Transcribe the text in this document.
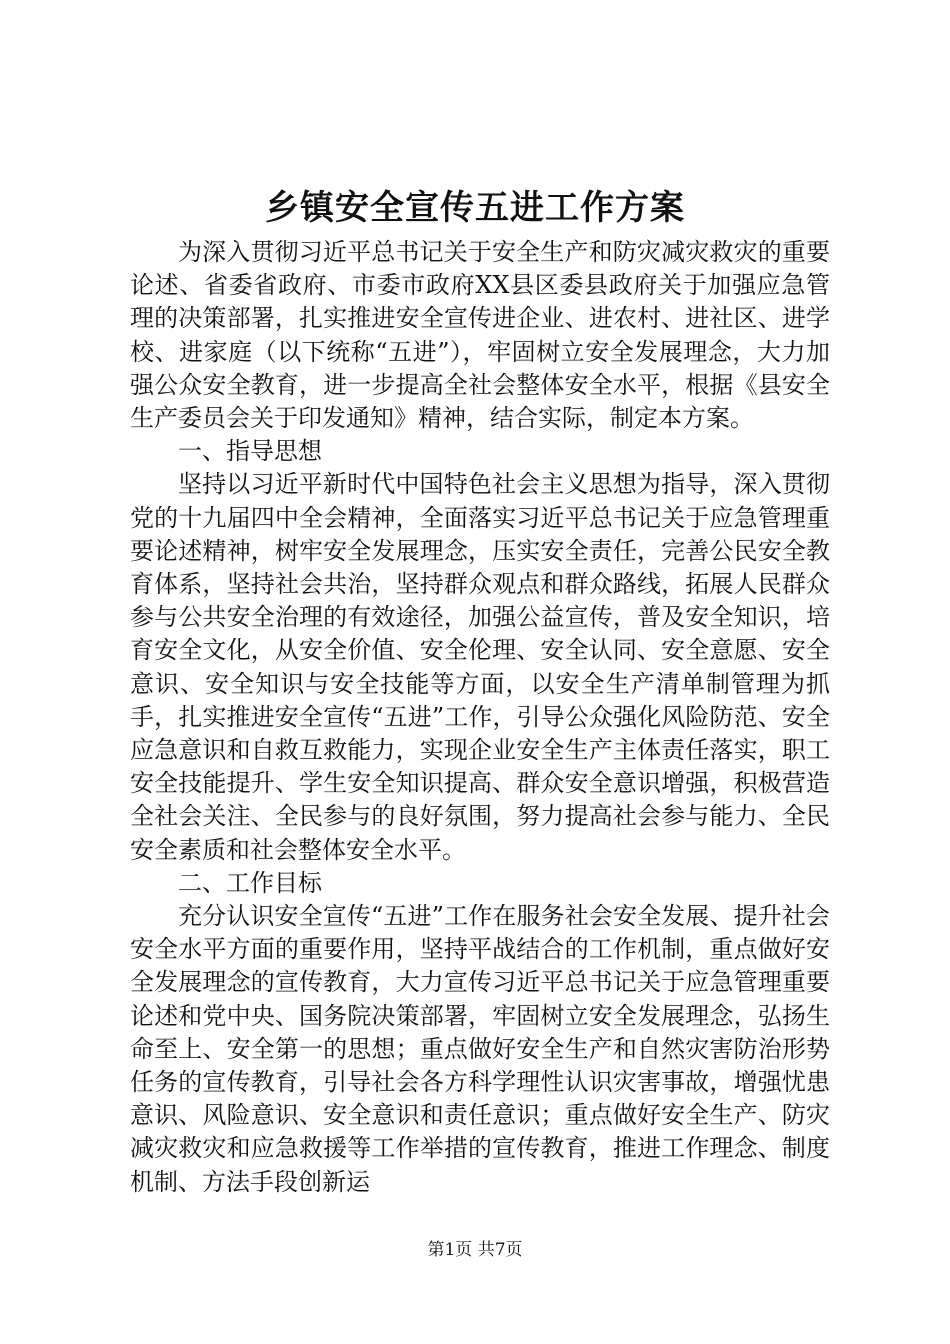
乡镇安全宣传五进工作方案

为深入贯彻习近平总书记关于安全生产和防灾减灾救灾的重要论述、省委省政府、市委市政府XX县区委县政府关于加强应急管理的决策部署，扎实推进安全宣传进企业、进农村、进社区、进学校、进家庭（以下统称“五进”），牢固树立安全发展理念，大力加强公众安全教育，进一步提高全社会整体安全水平，根据《县安全生产委员会关于印发通知》精神，结合实际，制定本方案。

一、指导思想

坚持以习近平新时代中国特色社会主义思想为指导，深入贯彻党的十九届四中全会精神，全面落实习近平总书记关于应急管理重要论述精神，树牢安全发展理念，压实安全责任，完善公民安全教育体系，坚持社会共治，坚持群众观点和群众路线，拓展人民群众参与公共安全治理的有效途径，加强公益宣传，普及安全知识，培育安全文化，从安全价值、安全伦理、安全认同、安全意愿、安全意识、安全知识与安全技能等方面，以安全生产清单制管理为抓手，扎实推进安全宣传“五进”工作，引导公众强化风险防范、安全应急意识和自救互救能力，实现企业安全生产主体责任落实，职工安全技能提升、学生安全知识提高、群众安全意识增强，积极营造全社会关注、全民参与的良好氛围，努力提高社会参与能力、全民安全素质和社会整体安全水平。

二、工作目标

充分认识安全宣传“五进”工作在服务社会安全发展、提升社会安全水平方面的重要作用，坚持平战结合的工作机制，重点做好安全发展理念的宣传教育，大力宣传习近平总书记关于应急管理重要论述和党中央、国务院决策部署，牢固树立安全发展理念，弘扬生命至上、安全第一的思想；重点做好安全生产和自然灾害防治形势任务的宣传教育，引导社会各方科学理性认识灾害事故，增强忧患意识、风险意识、安全意识和责任意识；重点做好安全生产、防灾减灾救灾和应急救援等工作举措的宣传教育，推进工作理念、制度机制、方法手段创新运

第1页 共7页
